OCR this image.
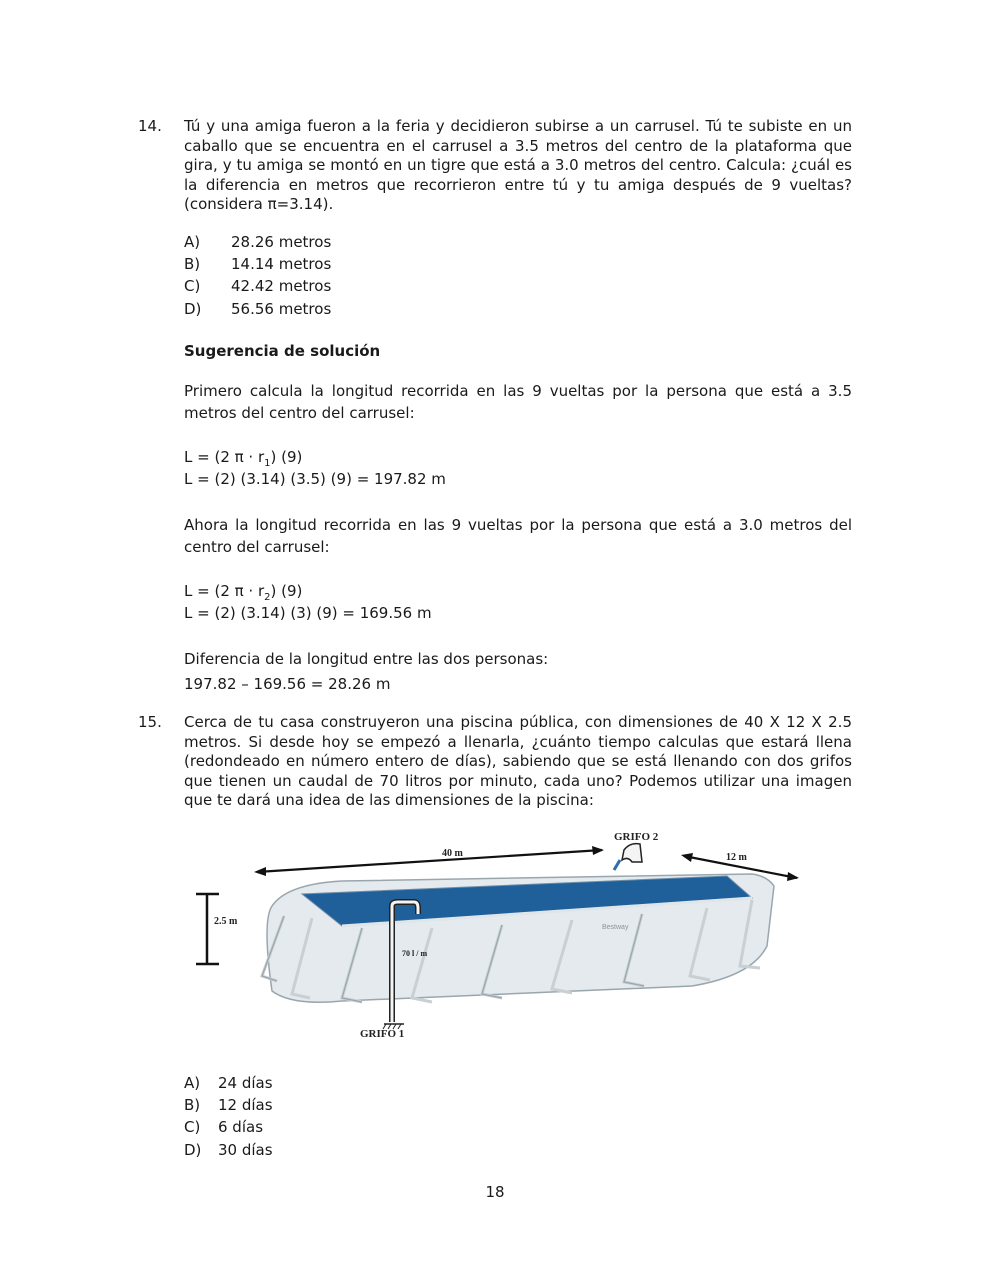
14. Tú y una amiga fueron a la feria y decidieron subirse a un carrusel. Tú te subiste en un caballo que se encuentra en el carrusel a 3.5 metros del centro de la plataforma que gira, y tu amiga se montó en un tigre que está a 3.0 metros del centro. Calcula: ¿cuál es la diferencia en metros que recorrieron entre tú y tu amiga después de 9 vueltas? (considera π=3.14).
A) 28.26 metros
B) 14.14 metros
C) 42.42 metros
D) 56.56 metros
Sugerencia de solución
Primero calcula la longitud recorrida en las 9 vueltas por la persona que está a 3.5 metros del centro del carrusel:
L = (2 $\pi \cdot r_1$) (9)
L = (2) (3.14) (3.5) (9) = 197.82 m
Ahora la longitud recorrida en las 9 vueltas por la persona que está a 3.0 metros del centro del carrusel:
L = (2 $\pi \cdot r_2$) (9)
L = (2) (3.14) (3) (9) = 169.56 m
Diferencia de la longitud entre las dos personas:
197.82 – 169.56 = 28.26 m
15. Cerca de tu casa construyeron una piscina pública, con dimensiones de 40 X 12 X 2.5 metros. Si desde hoy se empezó a llenarla, ¿cuánto tiempo calculas que estará llena (redondeado en número entero de días), sabiendo que se está llenando con dos grifos que tienen un caudal de 70 litros por minuto, cada uno? Podemos utilizar una imagen que te dará una idea de las dimensiones de la piscina:
Bestway
40 m	12 m
2.5 m
GRIFO 2
70 l / m
GRIFO 1
A) 24 días
B) 12 días
C) 6 días
D) 30 días
18
